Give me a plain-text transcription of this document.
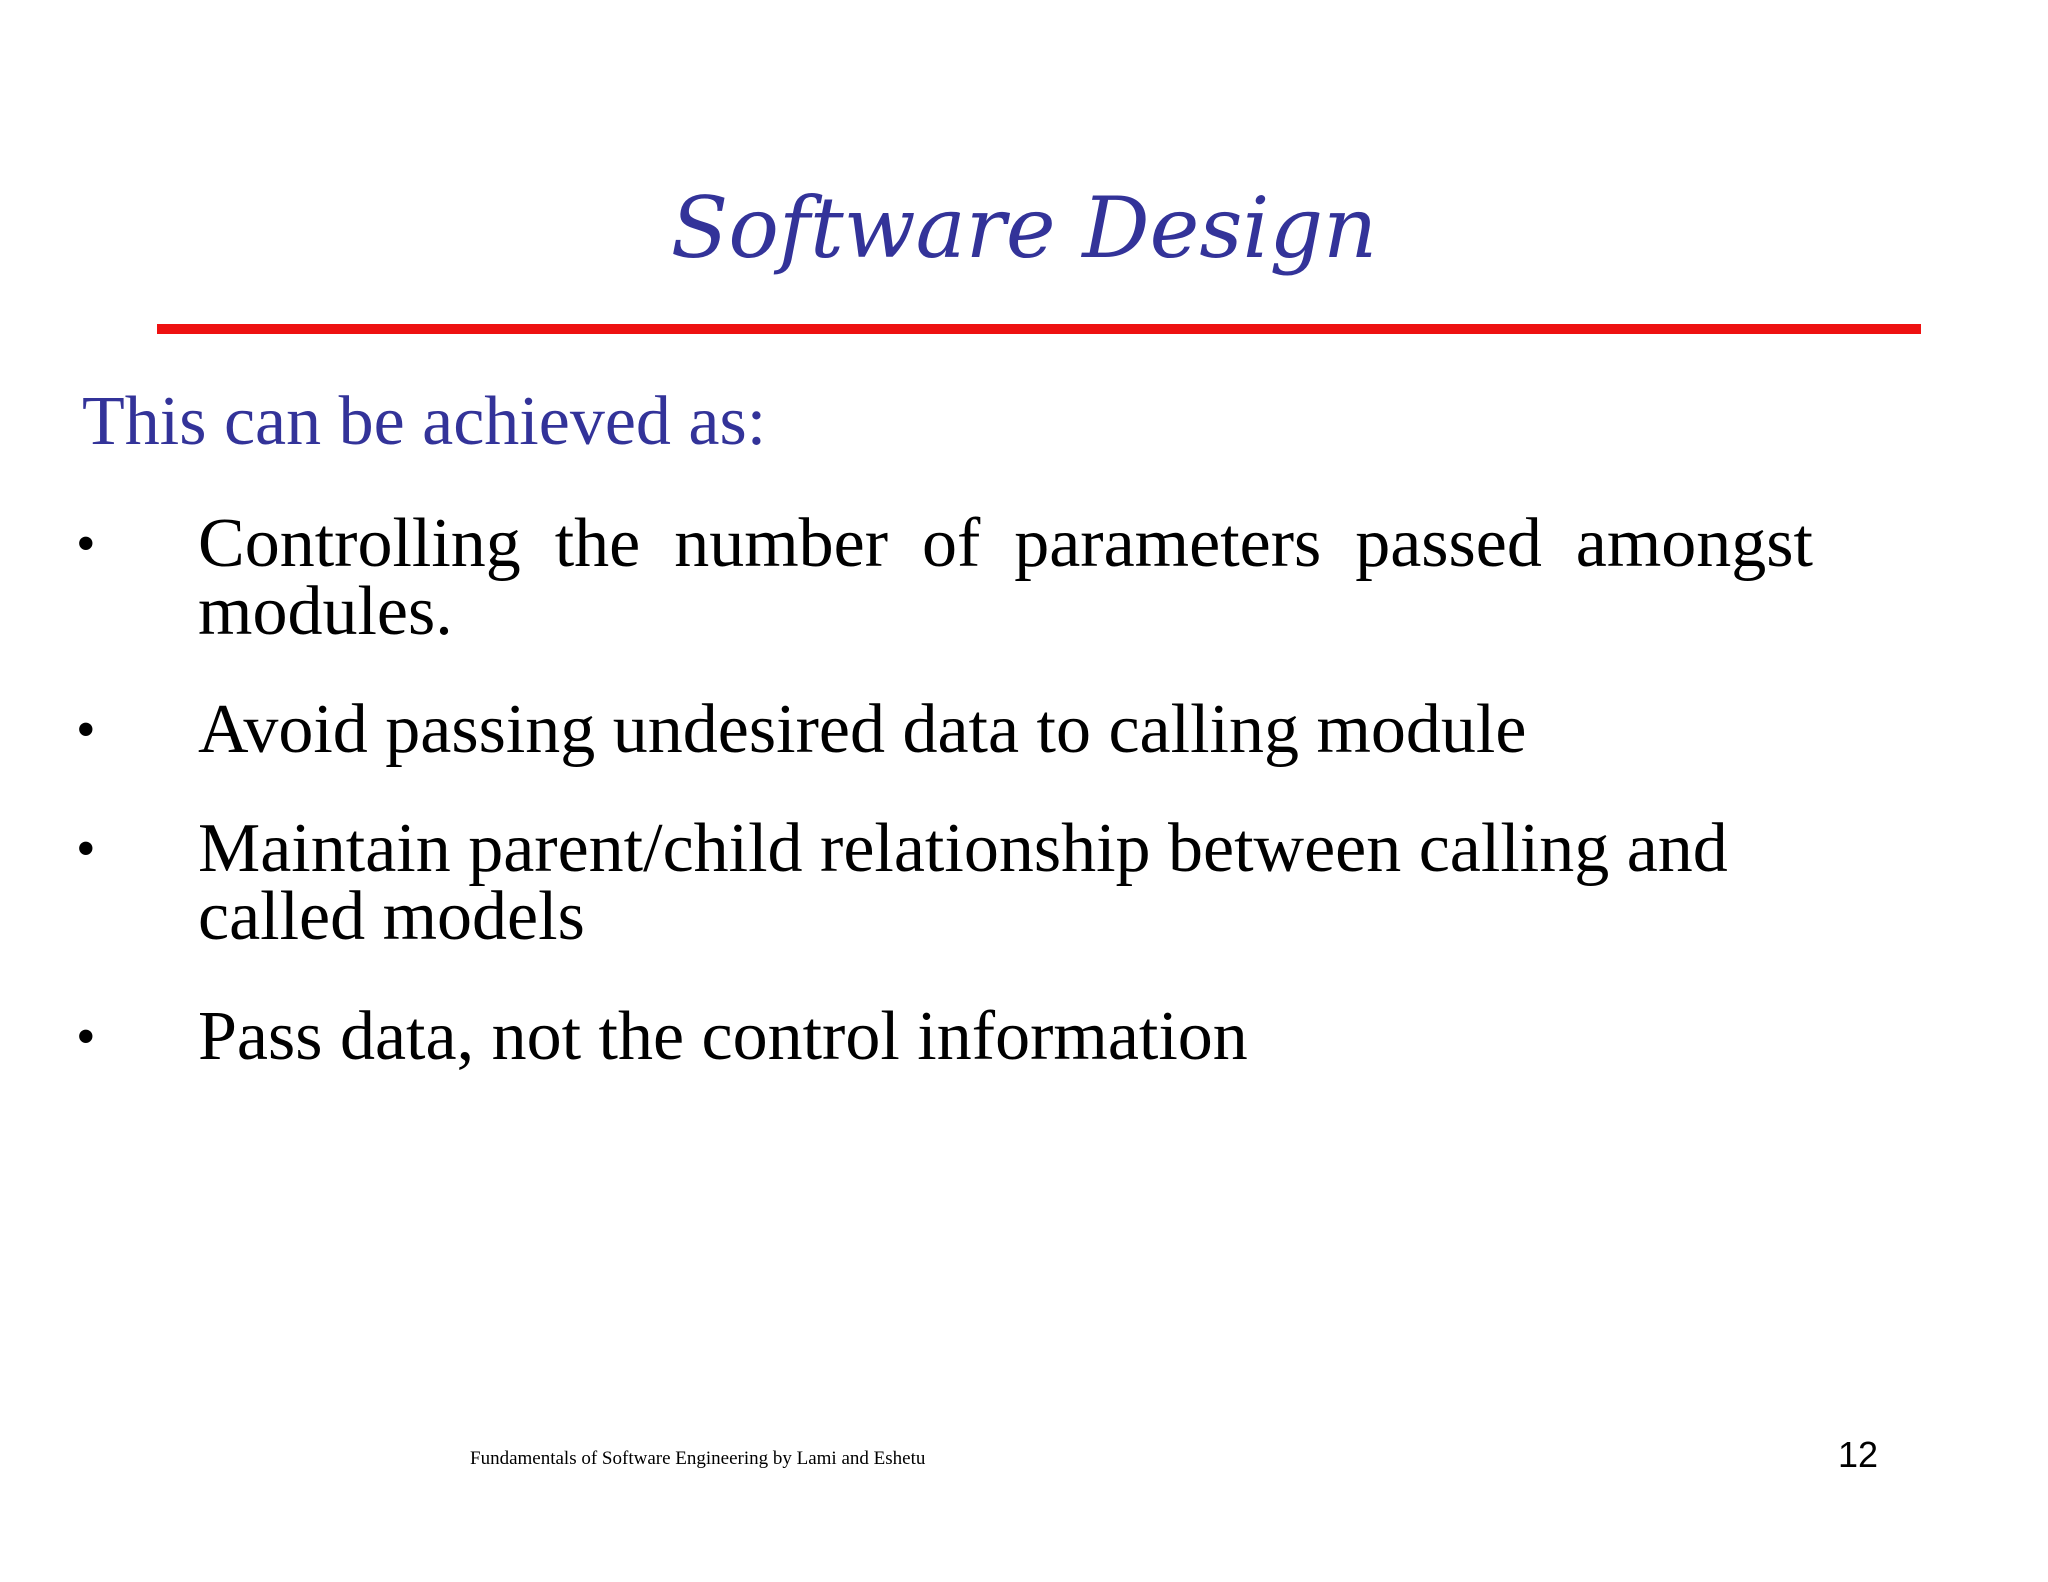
Software Design
This can be achieved as:
• Controlling the number of parameters passed amongst
modules.
• Avoid passing undesired data to calling module
• Maintain parent/child relationship between calling and
called models
• Pass data, not the control information
Fundamentals of Software Engineering by Lami and Eshetu	12
